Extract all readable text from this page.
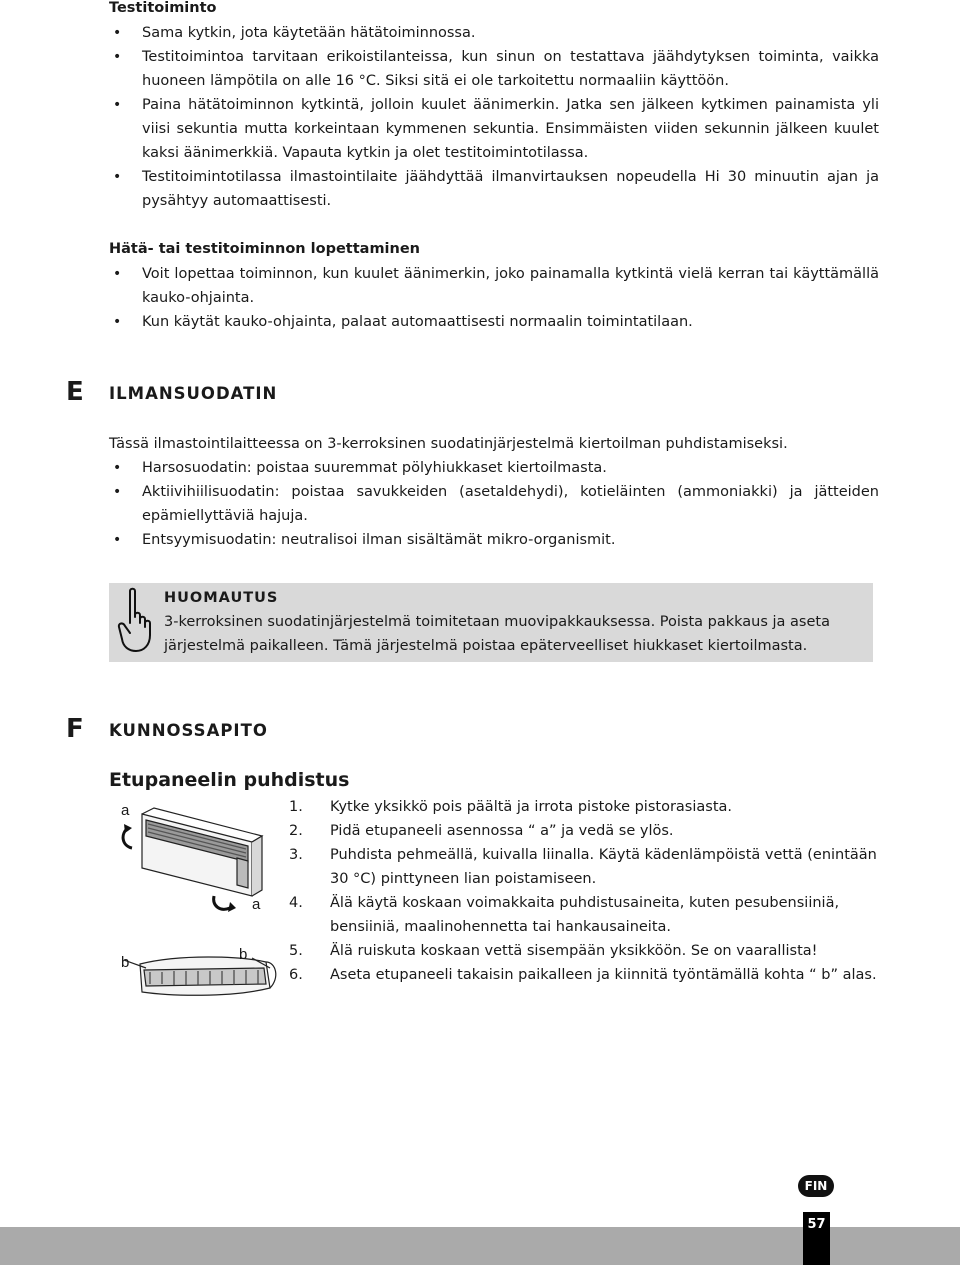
Testitoiminto
• Sama kytkin, jota käytetään hätätoiminnossa.
• Testitoimintoa tarvitaan erikoistilanteissa, kun sinun on testattava jäähdytyksen toiminta, vaikka huoneen lämpötila on alle 16 °C. Siksi sitä ei ole tarkoitettu normaaliin käyttöön.
• Paina hätätoiminnon kytkintä, jolloin kuulet äänimerkin. Jatka sen jälkeen kytkimen painamista yli viisi sekuntia mutta korkeintaan kymmenen sekuntia. Ensimmäisten viiden sekunnin jälkeen kuulet kaksi äänimerkkiä. Vapauta kytkin ja olet testitoimintotilassa.
• Testitoimintotilassa ilmastointilaite jäähdyttää ilmanvirtauksen nopeudella Hi 30 minuutin ajan ja pysähtyy automaattisesti.
Hätä- tai testitoiminnon lopettaminen
• Voit lopettaa toiminnon, kun kuulet äänimerkin, joko painamalla kytkintä vielä kerran tai käyttämällä kauko-ohjainta.
• Kun käytät kauko-ohjainta, palaat automaattisesti normaalin toimintatilaan.
E ILMANSUODATIN
Tässä ilmastointilaitteessa on 3-kerroksinen suodatinjärjestelmä kiertoilman puhdistamiseksi.
• Harsosuodatin: poistaa suuremmat pölyhiukkaset kiertoilmasta.
• Aktiivihiilisuodatin: poistaa savukkeiden (asetaldehydi), kotieläinten (ammoniakki) ja jätteiden epämiellyttäviä hajuja.
• Entsyymisuodatin: neutralisoi ilman sisältämät mikro-organismit.
HUOMAUTUS
3-kerroksinen suodatinjärjestelmä toimitetaan muovipakkauksessa. Poista pakkaus ja aseta
järjestelmä paikalleen. Tämä järjestelmä poistaa epäterveelliset hiukkaset kiertoilmasta.
F KUNNOSSAPITO
Etupaneelin puhdistus
a
a
b	b
1. Kytke yksikkö pois päältä ja irrota pistoke pistorasiasta.
2. Pidä etupaneeli asennossa “ a” ja vedä se ylös.
3. Puhdista pehmeällä, kuivalla liinalla. Käytä kädenlämpöistä vettä (enintään 30 °C) pinttyneen lian poistamiseen.
4. Älä käytä koskaan voimakkaita puhdistusaineita, kuten pesubensiiniä, bensiiniä, maalinohennetta tai hankausaineita.
5. Älä ruiskuta koskaan vettä sisempään yksikköön. Se on vaarallista!
6. Aseta etupaneeli takaisin paikalleen ja kiinnitä työntämällä kohta “ b” alas.
FIN
57
